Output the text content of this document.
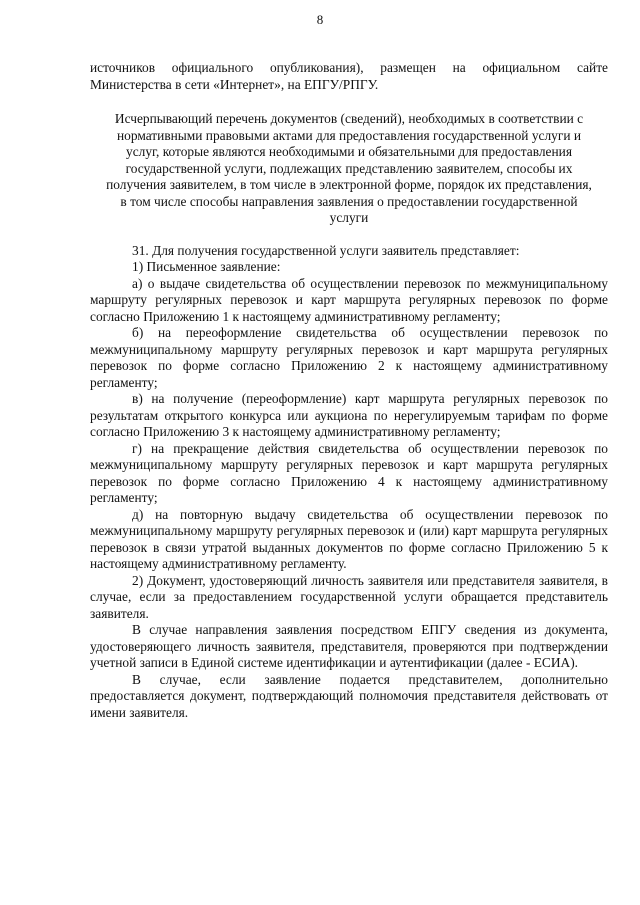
8

источников официального опубликования), размещен на официальном сайте Министерства в сети «Интернет», на ЕПГУ/РПГУ.

Исчерпывающий перечень документов (сведений), необходимых в соответствии с нормативными правовыми актами для предоставления государственной услуги и услуг, которые являются необходимыми и обязательными для предоставления государственной услуги, подлежащих представлению заявителем, способы их получения заявителем, в том числе в электронной форме, порядок их представления, в том числе способы направления заявления о предоставлении государственной услуги

31. Для получения государственной услуги заявитель представляет:

1) Письменное заявление:

а) о выдаче свидетельства об осуществлении перевозок по межмуниципальному маршруту регулярных перевозок и карт маршрута регулярных перевозок по форме согласно Приложению 1 к настоящему административному регламенту;

б) на переоформление свидетельства об осуществлении перевозок по межмуниципальному маршруту регулярных перевозок и карт маршрута регулярных перевозок по форме согласно Приложению 2 к настоящему административному регламенту;

в) на получение (переоформление) карт маршрута регулярных перевозок по результатам открытого конкурса или аукциона по нерегулируемым тарифам по форме согласно Приложению 3 к настоящему административному регламенту;

г) на прекращение действия свидетельства об осуществлении перевозок по межмуниципальному маршруту регулярных перевозок и карт маршрута регулярных перевозок по форме согласно Приложению 4 к настоящему административному регламенту;

д) на повторную выдачу свидетельства об осуществлении перевозок по межмуниципальному маршруту регулярных перевозок и (или) карт маршрута регулярных перевозок в связи утратой выданных документов по форме согласно Приложению 5 к настоящему административному регламенту.

2) Документ, удостоверяющий личность заявителя или представителя заявителя, в случае, если за предоставлением государственной услуги обращается представитель заявителя.

В случае направления заявления посредством ЕПГУ сведения из документа, удостоверяющего личность заявителя, представителя, проверяются при подтверждении учетной записи в Единой системе идентификации и аутентификации (далее - ЕСИА).

В случае, если заявление подается представителем, дополнительно предоставляется документ, подтверждающий полномочия представителя действовать от имени заявителя.
